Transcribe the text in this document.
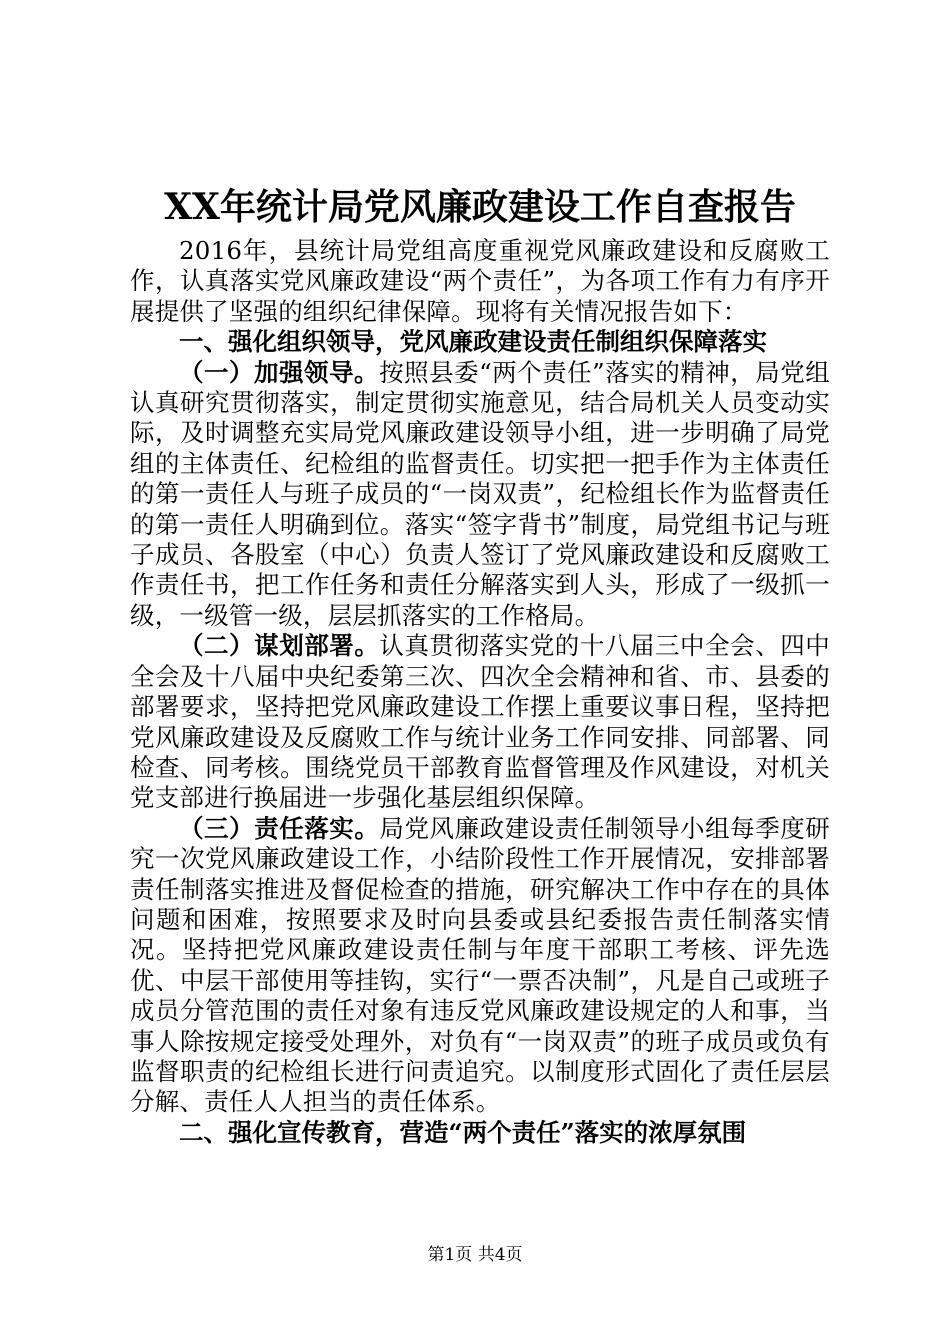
XX年统计局党风廉政建设工作自查报告

2016年，县统计局党组高度重视党风廉政建设和反腐败工作，认真落实党风廉政建设“两个责任”，为各项工作有力有序开展提供了坚强的组织纪律保障。现将有关情况报告如下：

一、强化组织领导，党风廉政建设责任制组织保障落实

（一）加强领导。按照县委“两个责任”落实的精神，局党组认真研究贯彻落实，制定贯彻实施意见，结合局机关人员变动实际，及时调整充实局党风廉政建设领导小组，进一步明确了局党组的主体责任、纪检组的监督责任。切实把一把手作为主体责任的第一责任人与班子成员的“一岗双责”，纪检组长作为监督责任的第一责任人明确到位。落实“签字背书”制度，局党组书记与班子成员、各股室（中心）负责人签订了党风廉政建设和反腐败工作责任书，把工作任务和责任分解落实到人头，形成了一级抓一级，一级管一级，层层抓落实的工作格局。

（二）谋划部署。认真贯彻落实党的十八届三中全会、四中全会及十八届中央纪委第三次、四次全会精神和省、市、县委的部署要求，坚持把党风廉政建设工作摆上重要议事日程，坚持把党风廉政建设及反腐败工作与统计业务工作同安排、同部署、同检查、同考核。围绕党员干部教育监督管理及作风建设，对机关党支部进行换届进一步强化基层组织保障。

（三）责任落实。局党风廉政建设责任制领导小组每季度研究一次党风廉政建设工作，小结阶段性工作开展情况，安排部署责任制落实推进及督促检查的措施，研究解决工作中存在的具体问题和困难，按照要求及时向县委或县纪委报告责任制落实情况。坚持把党风廉政建设责任制与年度干部职工考核、评先选优、中层干部使用等挂钩，实行“一票否决制”，凡是自己或班子成员分管范围的责任对象有违反党风廉政建设规定的人和事，当事人除按规定接受处理外，对负有“一岗双责”的班子成员或负有监督职责的纪检组长进行问责追究。以制度形式固化了责任层层分解、责任人人担当的责任体系。

二、强化宣传教育，营造“两个责任”落实的浓厚氛围

第1页 共4页
